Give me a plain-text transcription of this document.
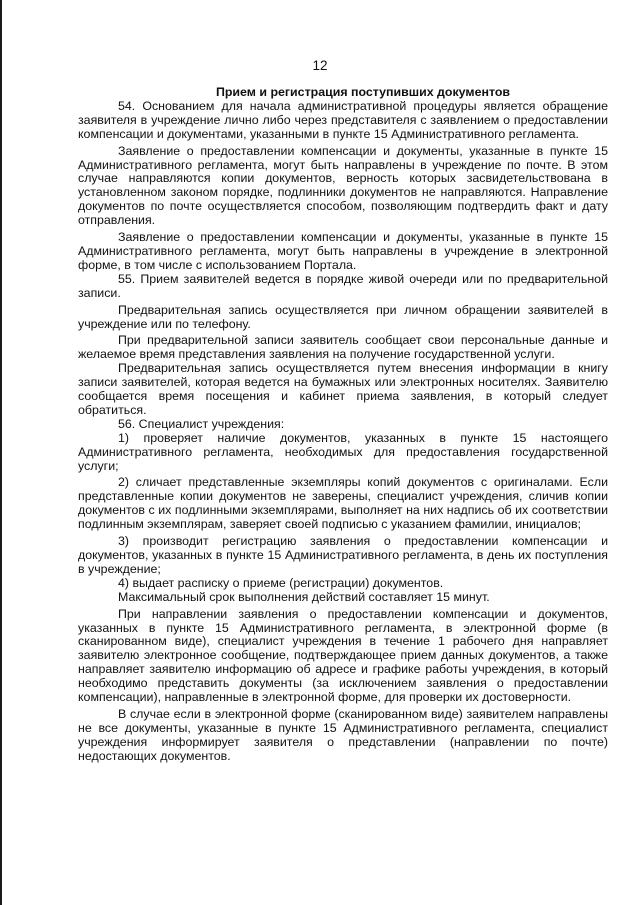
12

Прием и регистрация поступивших документов

54. Основанием для начала административной процедуры является обращение заявителя в учреждение лично либо через представителя с заявлением о предоставлении компенсации и документами, указанными в пункте 15 Административного регламента.

Заявление о предоставлении компенсации и документы, указанные в пункте 15 Административного регламента, могут быть направлены в учреждение по почте. В этом случае направляются копии документов, верность которых засвидетельствована в установленном законом порядке, подлинники документов не направляются. Направление документов по почте осуществляется способом, позволяющим подтвердить факт и дату отправления.

Заявление о предоставлении компенсации и документы, указанные в пункте 15 Административного регламента, могут быть направлены в учреждение в электронной форме, в том числе с использованием Портала.

55. Прием заявителей ведется в порядке живой очереди или по предварительной записи.

Предварительная запись осуществляется при личном обращении заявителей в учреждение или по телефону.

При предварительной записи заявитель сообщает свои персональные данные и желаемое время представления заявления на получение государственной услуги.

Предварительная запись осуществляется путем внесения информации в книгу записи заявителей, которая ведется на бумажных или электронных носителях. Заявителю сообщается время посещения и кабинет приема заявления, в который следует обратиться.

56. Специалист учреждения:

1) проверяет наличие документов, указанных в пункте 15 настоящего Административного регламента, необходимых для предоставления государственной услуги;

2) сличает представленные экземпляры копий документов с оригиналами. Если представленные копии документов не заверены, специалист учреждения, сличив копии документов с их подлинными экземплярами, выполняет на них надпись об их соответствии подлинным экземплярам, заверяет своей подписью с указанием фамилии, инициалов;

3) производит регистрацию заявления о предоставлении компенсации и документов, указанных в пункте 15 Административного регламента, в день их поступления в учреждение;

4) выдает расписку о приеме (регистрации) документов.

Максимальный срок выполнения действий составляет 15 минут.

При направлении заявления о предоставлении компенсации и документов, указанных в пункте 15 Административного регламента, в электронной форме (в сканированном виде), специалист учреждения в течение 1 рабочего дня направляет заявителю электронное сообщение, подтверждающее прием данных документов, а также направляет заявителю информацию об адресе и графике работы учреждения, в который необходимо представить документы (за исключением заявления о предоставлении компенсации), направленные в электронной форме, для проверки их достоверности.

В случае если в электронной форме (сканированном виде) заявителем направлены не все документы, указанные в пункте 15 Административного регламента, специалист учреждения информирует заявителя о представлении (направлении по почте) недостающих документов.
